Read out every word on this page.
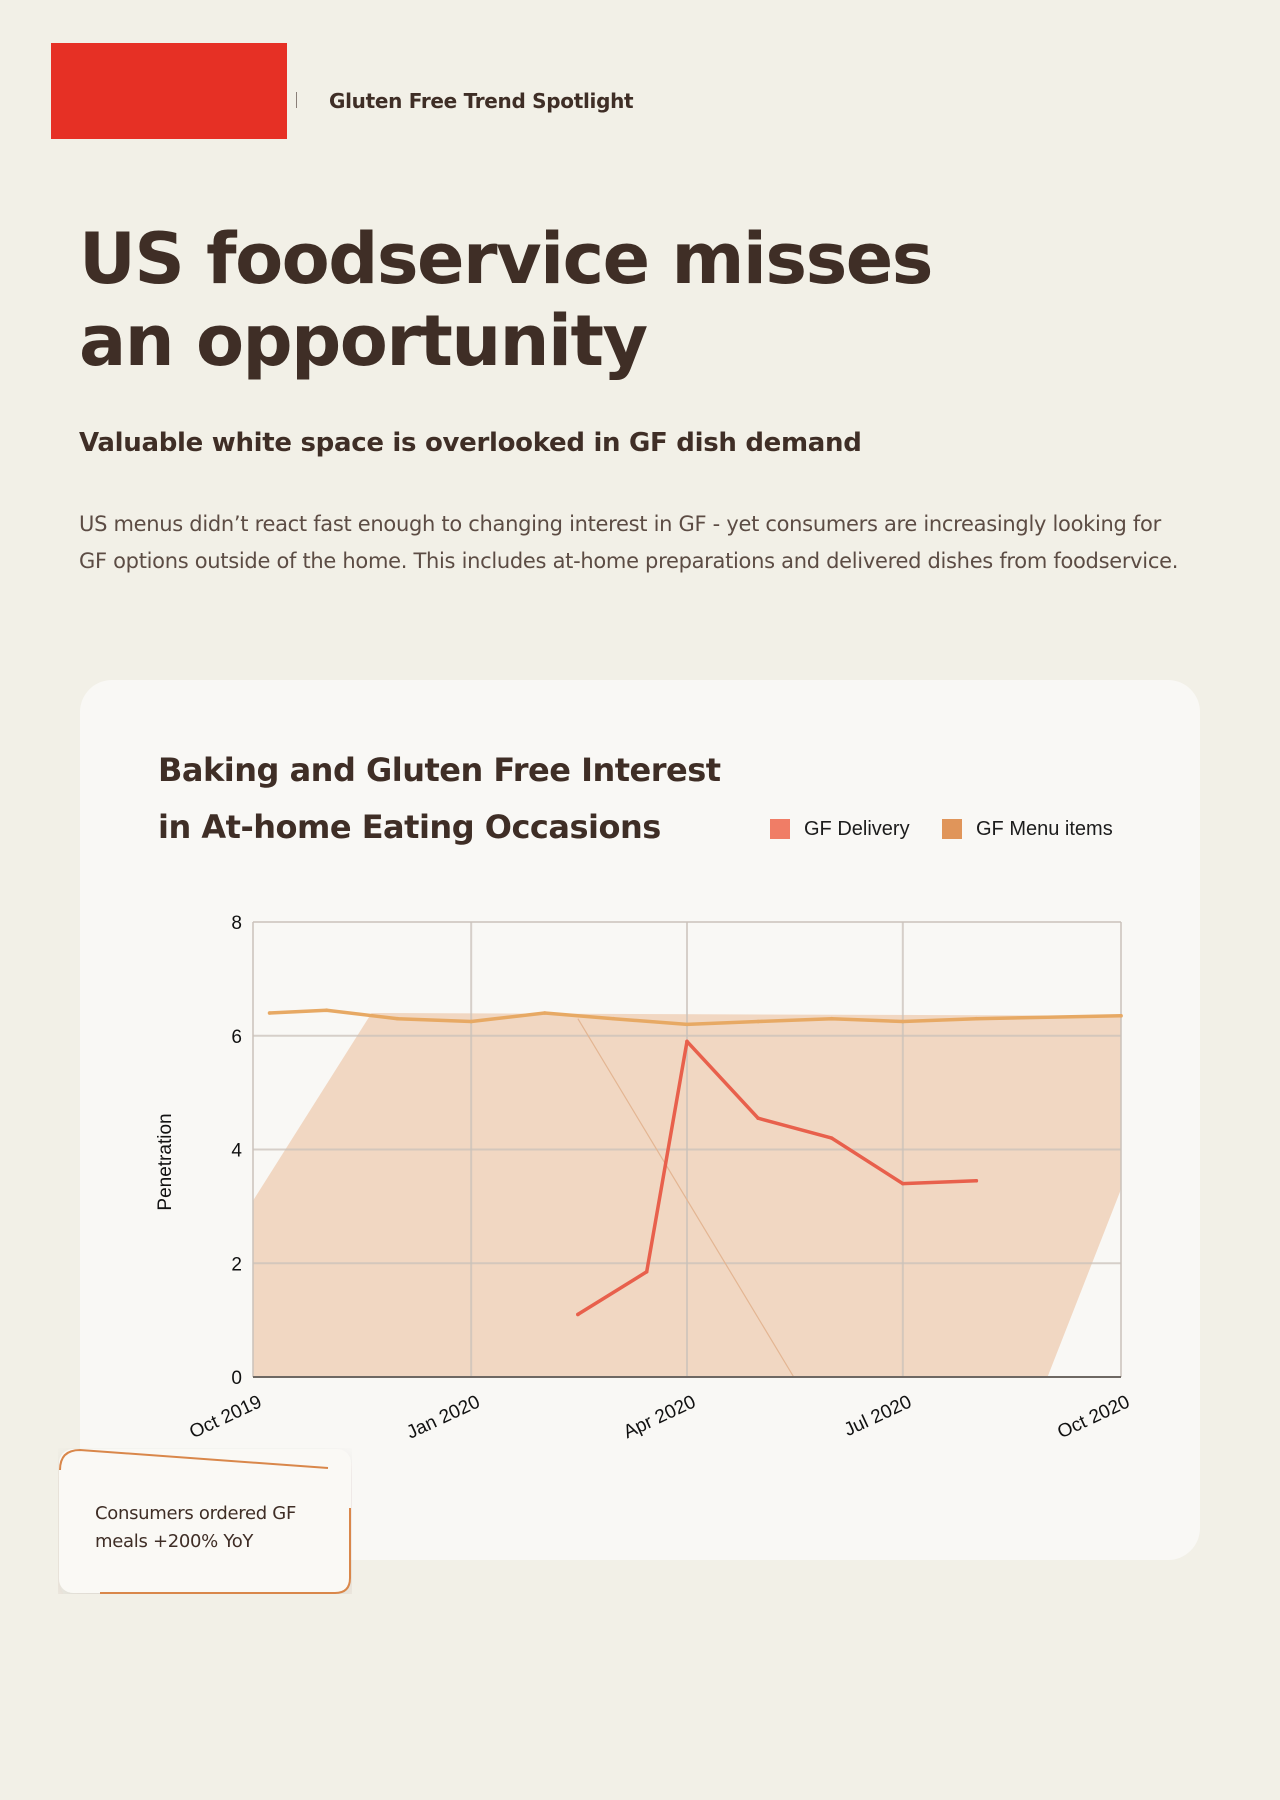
Gluten Free Trend Spotlight
US foodservice misses
an opportunity
Valuable white space is overlooked in GF dish demand

US menus didn’t react fast enough to changing interest in GF - yet consumers are increasingly looking for GF options outside of the home. This includes at-home preparations and delivered dishes from foodservice.

Baking and Gluten Free Interest
in At-home Eating Occasions	GF Delivery	GF Menu items
0
2
4
6
8
Oct 2019	Jan 2020	Apr 2020	Jul 2020	Oct 2020
Penetration

Consumers ordered GF meals +200% YoY
